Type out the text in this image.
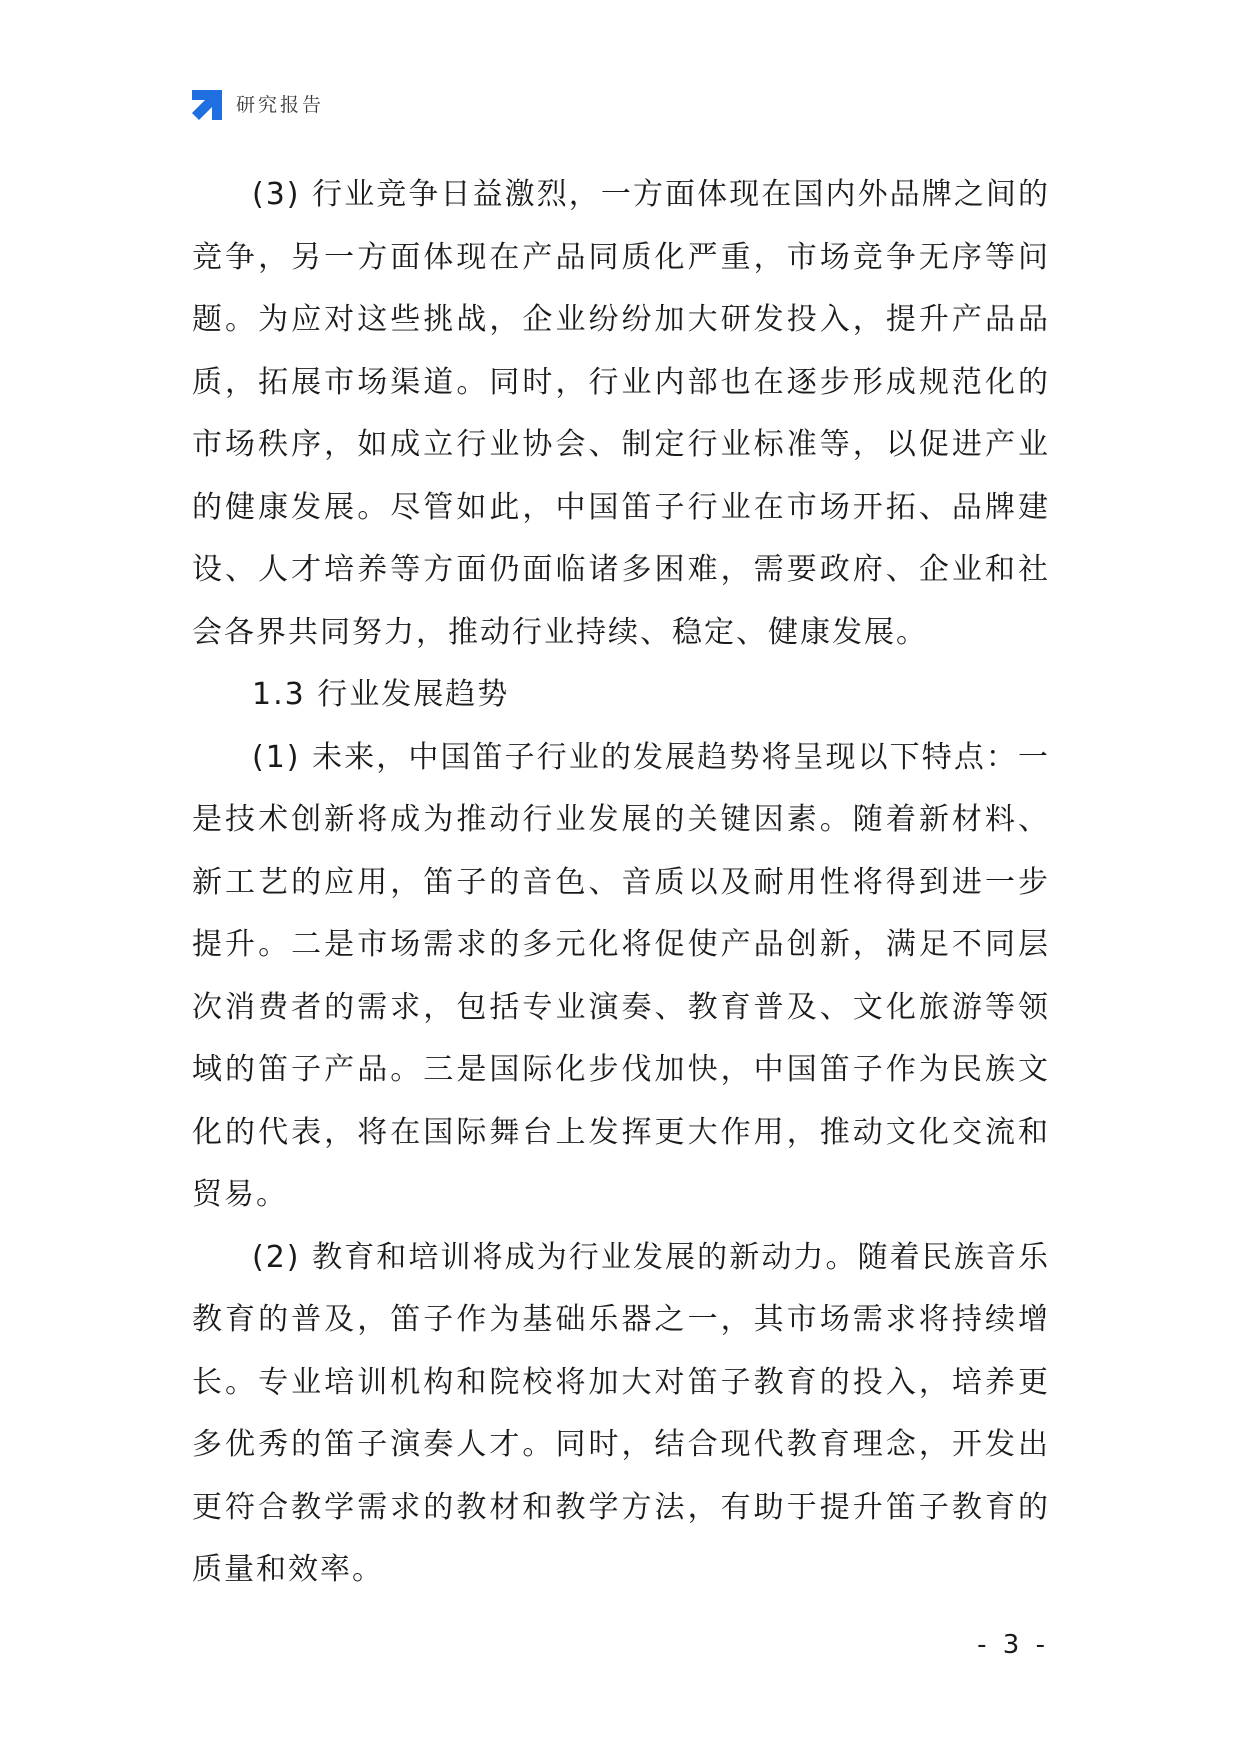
研究报告

(3) 行业竞争日益激烈，一方面体现在国内外品牌之间的竞争，另一方面体现在产品同质化严重，市场竞争无序等问题。为应对这些挑战，企业纷纷加大研发投入，提升产品品质，拓展市场渠道。同时，行业内部也在逐步形成规范化的市场秩序，如成立行业协会、制定行业标准等，以促进产业的健康发展。尽管如此，中国笛子行业在市场开拓、品牌建设、人才培养等方面仍面临诸多困难，需要政府、企业和社会各界共同努力，推动行业持续、稳定、健康发展。

1.3 行业发展趋势

(1) 未来，中国笛子行业的发展趋势将呈现以下特点：一是技术创新将成为推动行业发展的关键因素。随着新材料、新工艺的应用，笛子的音色、音质以及耐用性将得到进一步提升。二是市场需求的多元化将促使产品创新，满足不同层次消费者的需求，包括专业演奏、教育普及、文化旅游等领域的笛子产品。三是国际化步伐加快，中国笛子作为民族文化的代表，将在国际舞台上发挥更大作用，推动文化交流和贸易。

(2) 教育和培训将成为行业发展的新动力。随着民族音乐教育的普及，笛子作为基础乐器之一，其市场需求将持续增长。专业培训机构和院校将加大对笛子教育的投入，培养更多优秀的笛子演奏人才。同时，结合现代教育理念，开发出更符合教学需求的教材和教学方法，有助于提升笛子教育的质量和效率。

- 3 -
